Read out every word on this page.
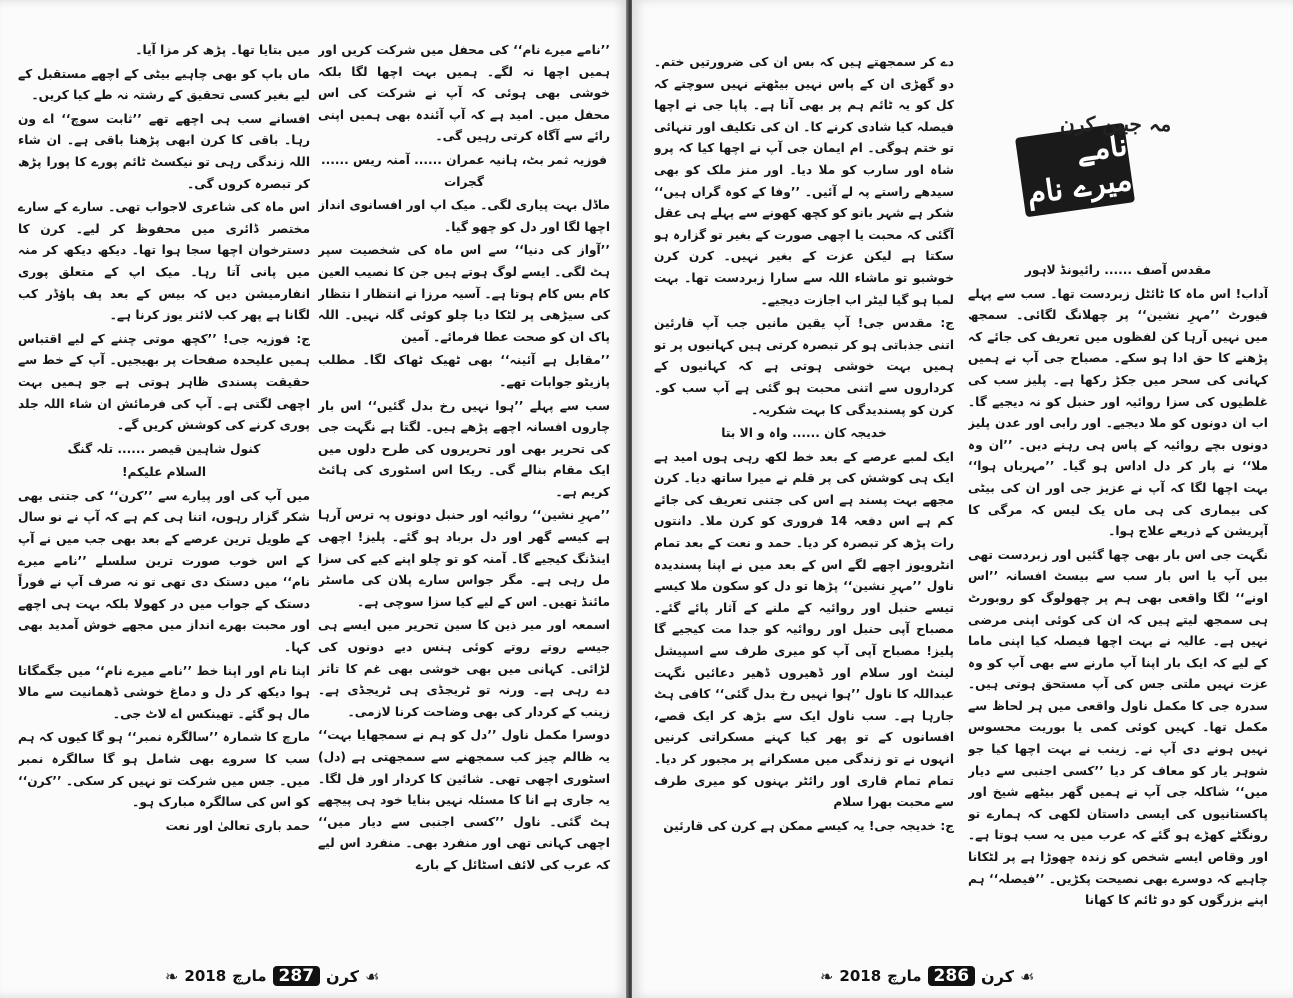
’’نامے میرے نام‘‘ کی محفل میں شرکت کریں اور ہمیں اچھا نہ لگے۔ ہمیں بہت اچھا لگا بلکہ خوشی بھی ہوئی کہ آپ نے شرکت کی اس محفل میں۔ امید ہے کہ آپ آئندہ بھی ہمیں اپنی رائے سے آگاہ کرتی رہیں گی۔

فوزیہ ثمر بٹ، ہانیہ عمران ...... آمنہ ریس ...... گجرات

ماڈل بہت پیاری لگی۔ میک اپ اور افسانوی انداز اچھا لگا اور دل کو چھو گیا۔

’’آواز کی دنیا‘‘ سے اس ماہ کی شخصیت سپر ہٹ لگی۔ ایسے لوگ ہوتے ہیں جن کا نصیب العین کام بس کام ہوتا ہے۔ آسیہ مرزا نے انتظار ا نتظار کی سیڑھی پر لٹکا دیا چلو کوئی گلہ نہیں۔ اللہ پاک ان کو صحت عطا فرمائے۔ آمین

’’مقابل ہے آئینہ‘‘ بھی ٹھیک ٹھاک لگا۔ مطلب پازیٹو جوابات تھے۔

سب سے پہلے ’’ہوا نہیں رخ بدل گئیں‘‘ اس بار چاروں افسانہ اچھے پڑھے ہیں۔ لگتا ہے نگہت جی کی تحریر بھی اور تحریروں کی طرح دلوں میں ایک مقام بنالے گی۔ ریکا اس اسٹوری کی ہائٹ کریم ہے۔

’’مہرِ نشین‘‘ روائیہ اور حنبل دونوں پہ ترس آرہا ہے کیسے گھر اور دل برباد ہو گئے۔ پلیز! اچھی اینڈنگ کیجیے گا۔ آمنہ کو تو چلو اپنے کیے کی سزا مل رہی ہے۔ مگر جواس سارے پلان کی ماسٹر مائنڈ تھیں۔ اس کے لیے کیا سزا سوچی ہے۔

اسمعہ اور میر ذین کا سین تحریر میں ایسے ہی جیسے روتے روتے کوئی ہنس دیے دونوں کی لڑائی۔ کہانی میں بھی خوشی بھی غم کا تاثر دے رہی ہے۔ ورنہ تو ٹریجڈی ہی ٹریجڈی ہے۔ زینب کے کردار کی بھی وضاحت کرنا لازمی۔

دوسرا مکمل ناول ’’دل کو ہم نے سمجھایا بہت‘‘ یہ ظالم چیز کب سمجھنے سے سمجھتی ہے (دل) اسٹوری اچھی تھی۔ شائین کا کردار اور فل لگا۔ یہ جاری ہے انا کا مسئلہ نہیں بنایا خود ہی پیچھے ہٹ گئی۔ ناول ’’کسی اجنبی سے دیار میں‘‘ اچھی کہانی تھی اور منفرد بھی۔ منفرد اس لیے کہ عرب کی لائف اسٹائل کے بارے

میں بتایا تھا۔ پڑھ کر مزا آیا۔

ماں باپ کو بھی چاہیے بیٹی کے اچھے مستقبل کے لیے بغیر کسی تحقیق کے رشتہ نہ طے کیا کریں۔

افسانے سب ہی اچھے تھے ’’ثابت سوچ‘‘ اے ون رہا۔ باقی کا کرن ابھی پڑھنا باقی ہے۔ ان شاء اللہ زندگی رہی تو نیکسٹ ٹائم پورے کا پورا پڑھ کر تبصرہ کروں گی۔

اس ماہ کی شاعری لاجواب تھی۔ سارے کے سارے مختصر ڈائری میں محفوظ کر لیے۔ کرن کا دسترخوان اچھا سجا ہوا تھا۔ دیکھ دیکھ کر منہ میں پانی آتا رہا۔ میک اپ کے متعلق پوری انفارمیشن دیں کہ بیس کے بعد پف پاؤڈر کب لگانا ہے پھر کب لائنر یوز کرنا ہے۔

ج: فوزیہ جی! ’’کچھ موتی چننے کے لیے اقتباس ہمیں علیحدہ صفحات پر بھیجیں۔ آپ کے خط سے حقیقت پسندی ظاہر ہوتی ہے جو ہمیں بہت اچھی لگتی ہے۔ آپ کی فرمائش ان شاء اللہ جلد پوری کرنے کی کوشش کریں گے۔

کنول شاہین قیصر ...... تلہ گنگ

السلام علیکم!

میں آپ کی اور پیارے سے ’’کرن‘‘ کی جتنی بھی شکر گزار رہوں، اتنا ہی کم ہے کہ آپ نے نو سال کے طویل ترین عرصے کے بعد بھی جب میں نے آپ کے اس خوب صورت ترین سلسلے ’’نامے میرے نام‘‘ میں دستک دی تھی تو نہ صرف آپ نے فوراً دستک کے جواب میں در کھولا بلکہ بہت ہی اچھے اور محبت بھرے انداز میں مجھے خوش آمدید بھی کہا۔

اپنا نام اور اپنا خط ’’نامے میرے نام‘‘ میں جگمگاتا ہوا دیکھ کر دل و دماغ خوشی ڈھمانیت سے مالا مال ہو گئے۔ تھینکس اے لاٹ جی۔

مارچ کا شمارہ ’’سالگرہ نمبر‘‘ ہو گا کیوں کہ ہم سب کا سروے بھی شامل ہو گا سالگرہ نمبر میں۔ جس میں شرکت تو نہیں کر سکی۔ ’’کرن‘‘ کو اس کی سالگرہ مبارک ہو۔

حمد باری تعالیٰ اور نعت

❧ 2018 مارچ 287 کرن ☙

دے کر سمجھتے ہیں کہ بس ان کی ضرورتیں ختم۔ دو گھڑی ان کے پاس نہیں بیٹھتے نہیں سوچتے کہ کل کو یہ ٹائم ہم پر بھی آنا ہے۔ پاپا جی نے اچھا فیصلہ کیا شادی کرنے کا۔ ان کی تکلیف اور تنہائی تو ختم ہوگی۔ ام ایمان جی آپ نے اچھا کیا کہ پرو شاہ اور سارب کو ملا دیا۔ اور منز ملک کو بھی سیدھے راستے پہ لے آئیں۔ ’’وفا کے کوہ گراں ہیں‘‘ شکر ہے شہر بانو کو کچھ کھونے سے پہلے ہی عقل آگئی کہ محبت یا اچھی صورت کے بغیر تو گزارہ ہو سکتا ہے لیکن عزت کے بغیر نہیں۔ کرن کرن خوشبو تو ماشاء اللہ سے سارا زبردست تھا۔ بہت لمبا ہو گیا لیٹر اب اجازت دیجیے۔

ج: مقدس جی! آپ یقین مانیں جب آپ قارئین اتنی جذباتی ہو کر تبصرہ کرتی ہیں کہانیوں پر تو ہمیں بہت خوشی ہوتی ہے کہ کہانیوں کے کرداروں سے اتنی محبت ہو گئی ہے آپ سب کو۔ کرن کو پسندیدگی کا بہت شکریہ۔

خدیجہ کان ...... واہ و الا بتا

ایک لمبے عرصے کے بعد خط لکھ رہی ہوں امید ہے ایک ہی کوشش کی پر قلم نے میرا ساتھ دیا۔ کرن مجھے بہت پسند ہے اس کی جتنی تعریف کی جائے کم ہے اس دفعہ 14 فروری کو کرن ملا۔ دانتوں رات پڑھ کر تبصرہ کر دیا۔ حمد و نعت کے بعد تمام انٹرویوز اچھے لگے اس کے بعد میں نے اپنا پسندیدہ ناول ’’مہرِ نشین‘‘ پڑھا تو دل کو سکون ملا کیسے تیسے حنبل اور روائیہ کے ملنے کے آثار پائے گئے۔ مصباح آپی حنبل اور روائیہ کو جدا مت کیجیے گا پلیز! مصباح آپی آپ کو میری طرف سے اسپیشل لینٹ اور سلام اور ڈھیروں ڈھیر دعائیں نگہت عبداللہ کا ناول ’’ہوا نہیں رخ بدل گئی‘‘ کافی ہٹ جارہا ہے۔ سب ناول ایک سے بڑھ کر ایک قصے، افسانوں کے تو پھر کیا کہنے مسکراتی کرنیں انہوں نے تو زندگی میں مسکرانے پر مجبور کر دیا۔ تمام تمام قاری اور رائٹر بہنوں کو میری طرف سے محبت بھرا سلام

ج: خدیجہ جی! یہ کیسے ممکن ہے کرن کی قارئین

نامے میرے نام
مہ جبین کرن

مقدس آصف ...... رائیونڈ لاہور

آداب! اس ماہ کا ٹائٹل زبردست تھا۔ سب سے پہلے فیورٹ ’’مہرِ نشین‘‘ پر چھلانگ لگائی۔ سمجھ میں نہیں آرہا کن لفظوں میں تعریف کی جائے کہ پڑھنے کا حق ادا ہو سکے۔ مصباح جی آپ نے ہمیں کہانی کی سحر میں جکڑ رکھا ہے۔ پلیز سب کی غلطیوں کی سزا روائیہ اور حنبل کو نہ دیجیے گا۔ اب ان دونوں کو ملا دیجیے۔ اور رابی اور عدن پلیز دونوں بچے روائیہ کے پاس ہی رہنے دیں۔ ’’ان وہ ملا‘‘ نے پار کر دل اداس ہو گیا۔ ’’مہرباں ہوا‘‘ بہت اچھا لگا کہ آپ نے عزیز جی اور ان کی بیٹی کی بیماری کی ہی ماں یک لیس کہ مرگی کا آپریشن کے ذریعے علاج ہوا۔

نگہت جی اس بار بھی چھا گئیں اور زبردست تھی بیں آپ یا اس بار سب سے بیسٹ افسانہ ’’اس اونے‘‘ لگا واقعی بھی ہم پر چھولوگ کو روبورٹ ہی سمجھ لیتے ہیں کہ ان کی کوئی اپنی مرضی نہیں ہے۔ عالیہ نے بہت اچھا فیصلہ کیا اپنی ماما کے لیے کہ ایک بار اپنا آپ مارنے سے بھی آپ کو وہ عزت نہیں ملتی جس کی آپ مستحق ہوتی ہیں۔ سدرہ جی کا مکمل ناول واقعی میں ہر لحاظ سے مکمل تھا۔ کہیں کوئی کمی یا بوریت محسوس نہیں ہونے دی آپ نے۔ زینب نے بہت اچھا کیا جو شوہر یار کو معاف کر دیا ’’کسی اجنبی سے دیار میں‘‘ شاکلہ جی آپ نے ہمیں گھر بیٹھے شیخ اور پاکستانیوں کی ایسی داستان لکھی کہ ہمارے تو رونگٹے کھڑے ہو گئے کہ عرب میں یہ سب ہوتا ہے۔ اور وقاص ایسے شخص کو زندہ چھوڑا ہے پر لٹکانا چاہیے کہ دوسرے بھی نصیحت پکڑیں۔ ’’فیصلہ‘‘ ہم اپنے بزرگوں کو دو ٹائم کا کھانا

❧ 2018 مارچ 286 کرن ☙
